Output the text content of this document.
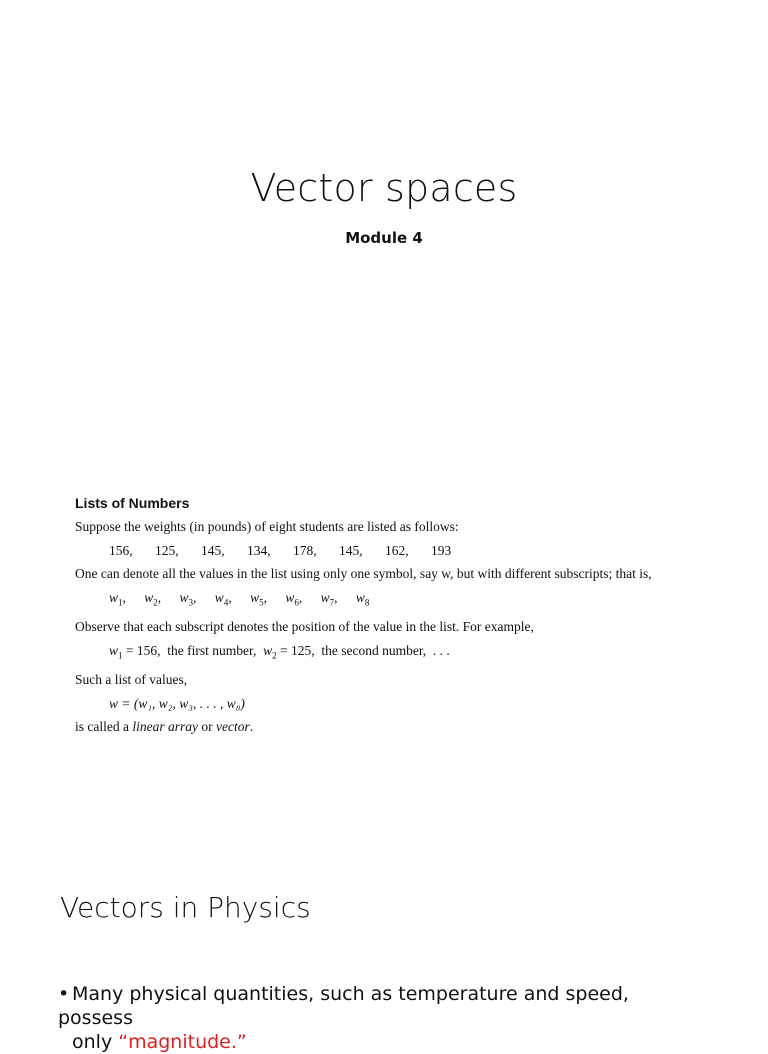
Vector spaces
Module 4
Lists of Numbers
Suppose the weights (in pounds) of eight students are listed as follows:
156, 125, 145, 134, 178, 145, 162, 193
One can denote all the values in the list using only one symbol, say w, but with different subscripts; that is,
$w_1$, $w_2$, $w_3$, $w_4$, $w_5$, $w_6$, $w_7$, $w_8$
Observe that each subscript denotes the position of the value in the list. For example,
$w_1 = 156$, the first number, $w_2 = 125$, the second number, . . .
Such a list of values,
w = (w₁, w₂, w₃, . . . , w₈)
is called a linear array or vector.
Vectors in Physics
• Many physical quantities, such as temperature and speed, possess
only “magnitude.”
